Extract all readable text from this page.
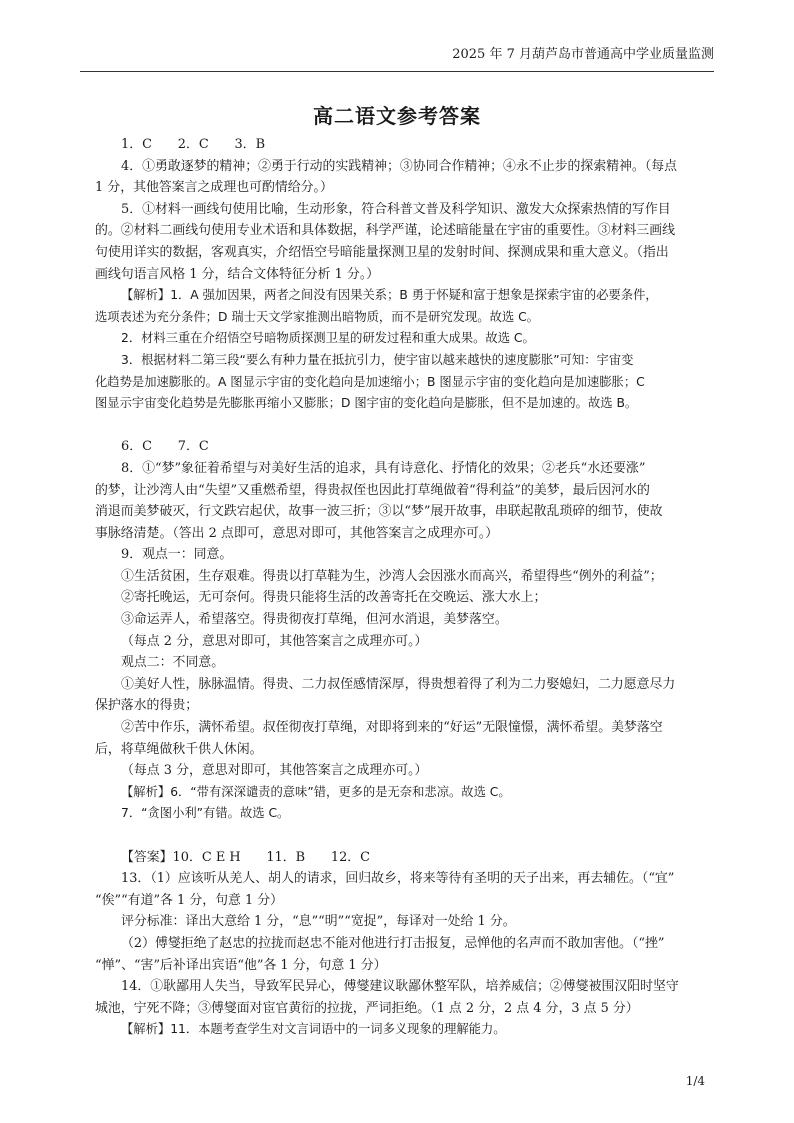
2025 年 7 月葫芦岛市普通高中学业质量监测
高二语文参考答案
1．C　　2．C　　3．B
4．①勇敢逐梦的精神；②勇于行动的实践精神；③协同合作精神；④永不止步的探索精神。（每点
1 分，其他答案言之成理也可酌情给分。）
5．①材料一画线句使用比喻，生动形象，符合科普文普及科学知识、激发大众探索热情的写作目
的。②材料二画线句使用专业术语和具体数据，科学严谨，论述暗能量在宇宙的重要性。③材料三画线
句使用详实的数据，客观真实，介绍悟空号暗能量探测卫星的发射时间、探测成果和重大意义。（指出
画线句语言风格 1 分，结合文体特征分析 1 分。）
【解析】1．A 强加因果，两者之间没有因果关系；B 勇于怀疑和富于想象是探索宇宙的必要条件，
选项表述为充分条件；D 瑞士天文学家推测出暗物质，而不是研究发现。故选 C。
2．材料三重在介绍悟空号暗物质探测卫星的研发过程和重大成果。故选 C。
3．根据材料二第三段“要么有种力量在抵抗引力，使宇宙以越来越快的速度膨胀”可知：宇宙变
化趋势是加速膨胀的。A 图显示宇宙的变化趋向是加速缩小；B 图显示宇宙的变化趋向是加速膨胀；C
图显示宇宙变化趋势是先膨胀再缩小又膨胀；D 图宇宙的变化趋向是膨胀，但不是加速的。故选 B。
6．C　　7．C
8．①“梦”象征着希望与对美好生活的追求，具有诗意化、抒情化的效果；②老兵“水还要涨”
的梦，让沙湾人由“失望”又重燃希望，得贵叔侄也因此打草绳做着“得利益”的美梦，最后因河水的
消退而美梦破灭，行文跌宕起伏，故事一波三折；③以“梦”展开故事，串联起散乱琐碎的细节，使故
事脉络清楚。（答出 2 点即可，意思对即可，其他答案言之成理亦可。）
9．观点一：同意。
①生活贫困，生存艰难。得贵以打草鞋为生，沙湾人会因涨水而高兴，希望得些“例外的利益”；
②寄托晚运，无可奈何。得贵只能将生活的改善寄托在交晚运、涨大水上；
③命运弄人，希望落空。得贵彻夜打草绳，但河水消退，美梦落空。
（每点 2 分，意思对即可，其他答案言之成理亦可。）
观点二：不同意。
①美好人性，脉脉温情。得贵、二力叔侄感情深厚，得贵想着得了利为二力娶媳妇，二力愿意尽力
保护落水的得贵；
②苦中作乐，满怀希望。叔侄彻夜打草绳，对即将到来的“好运”无限憧憬，满怀希望。美梦落空
后，将草绳做秋千供人休闲。
（每点 3 分，意思对即可，其他答案言之成理亦可。）
【解析】6．“带有深深谴责的意味”错，更多的是无奈和悲凉。故选 C。
7．“贪图小利”有错。故选 C。
【答案】10．C E H　　11．B　　12．C
13．（1）应该听从羌人、胡人的请求，回归故乡，将来等待有圣明的天子出来，再去辅佐。（“宜”
“俟”“有道”各 1 分，句意 1 分）
评分标准：译出大意给 1 分，“息”“明”“宽捉”，每译对一处给 1 分。
（2）傅燮拒绝了赵忠的拉拢而赵忠不能对他进行打击报复，忌惮他的名声而不敢加害他。（“挫”
“惮”、“害”后补译出宾语“他”各 1 分，句意 1 分）
14．①耿鄙用人失当，导致军民异心，傅燮建议耿鄙休整军队，培养威信；②傅燮被围汉阳时坚守
城池，宁死不降；③傅燮面对宦官黄衍的拉拢，严词拒绝。（1 点 2 分，2 点 4 分，3 点 5 分）
【解析】11．本题考查学生对文言词语中的一词多义现象的理解能力。
1/4
